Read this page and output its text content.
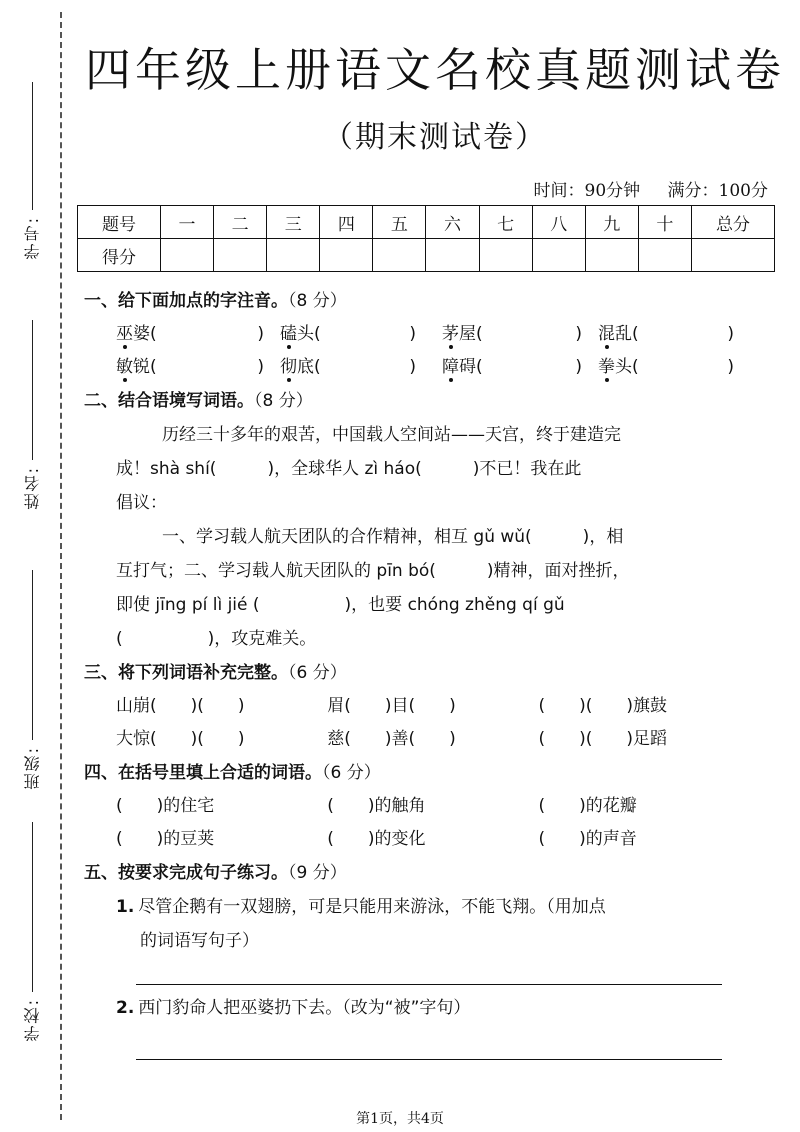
学号:
姓名:
班级:
学校:
四年级上册语文名校真题测试卷
（期末测试卷）
时间：90分钟 满分：100分
题号	一	二	三	四	五	六	七	八	九	十	总分
得分											
一、给下面加点的字注音。（8 分）
巫婆(	) 磕头(	) 茅屋(	) 混乱(	)
敏锐(	) 彻底(	) 障碍(	) 拳头(	)
二、结合语境写词语。（8 分）
历经三十多年的艰苦，中国载人空间站——天宫，终于建造完
成！shà shí(　　　)，全球华人 zì háo(　　　)不已！我在此
倡议：
一、学习载人航天团队的合作精神，相互 gǔ wǔ(　　　)，相
互打气；二、学习载人航天团队的 pīn bó(　　　)精神，面对挫折，
即使 jīng pí lì jié (　　　　　)，也要 chóng zhěng qí gǔ
(　　　　　)，攻克难关。
三、将下列词语补充完整。（6 分）
山崩(　　)(　　)	眉(　　)目(　　)	(　　)(　　)旗鼓
大惊(　　)(　　)	慈(　　)善(　　)	(　　)(　　)足蹈
四、在括号里填上合适的词语。（6 分）
(　　)的住宅	(　　)的触角	(　　)的花瓣
(　　)的豆荚	(　　)的变化	(　　)的声音
五、按要求完成句子练习。（9 分）
1. 尽管企鹅有一双翅膀，可是只能用来游泳，不能飞翔。（用加点
的词语写句子）
2. 西门豹命人把巫婆扔下去。（改为“被”字句）
第1页，共4页
